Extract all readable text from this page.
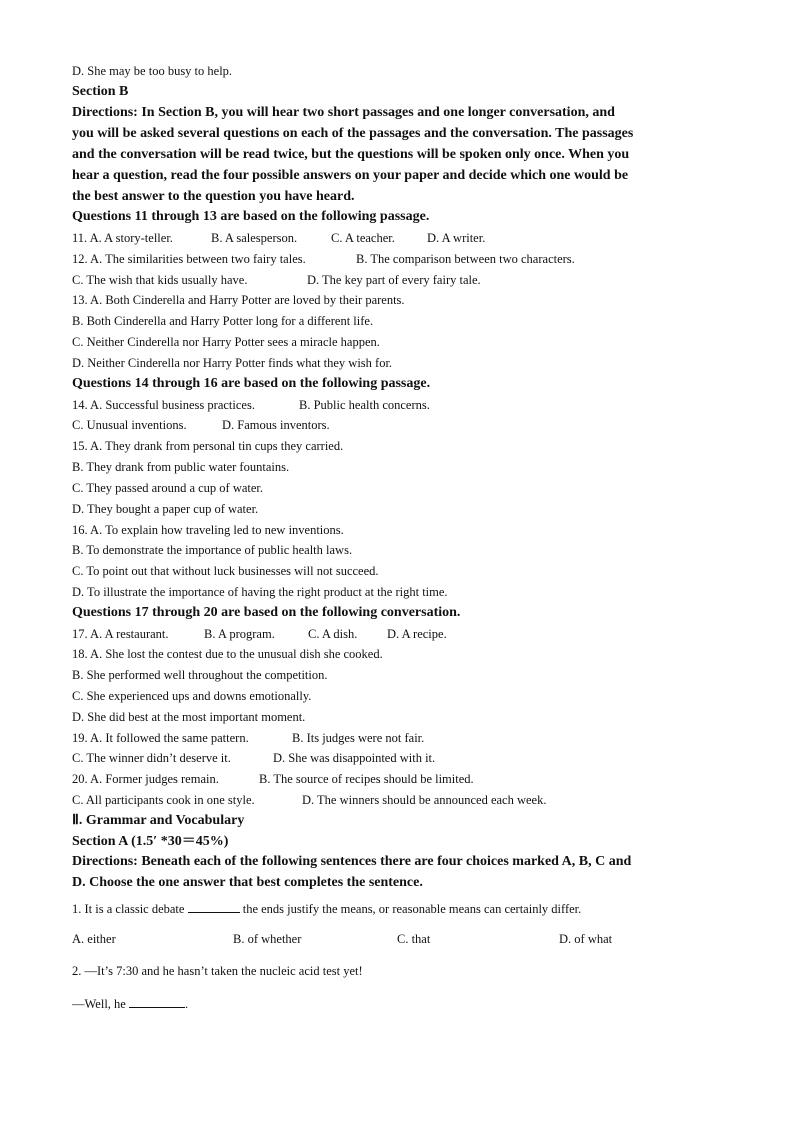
D. She may be too busy to help.
Section B
Directions: In Section B, you will hear two short passages and one longer conversation, and
you will be asked several questions on each of the passages and the conversation. The passages
and the conversation will be read twice, but the questions will be spoken only once. When you
hear a question, read the four possible answers on your paper and decide which one would be
the best answer to the question you have heard.
Questions 11 through 13 are based on the following passage.
11. A. A story-teller.	B. A salesperson.	C. A teacher.	D. A writer.
12. A. The similarities between two fairy tales.	B. The comparison between two characters.
C. The wish that kids usually have.	D. The key part of every fairy tale.
13. A. Both Cinderella and Harry Potter are loved by their parents.
B. Both Cinderella and Harry Potter long for a different life.
C. Neither Cinderella nor Harry Potter sees a miracle happen.
D. Neither Cinderella nor Harry Potter finds what they wish for.
Questions 14 through 16 are based on the following passage.
14. A. Successful business practices.	B. Public health concerns.
C. Unusual inventions.	D. Famous inventors.
15. A. They drank from personal tin cups they carried.
B. They drank from public water fountains.
C. They passed around a cup of water.
D. They bought a paper cup of water.
16. A. To explain how traveling led to new inventions.
B. To demonstrate the importance of public health laws.
C. To point out that without luck businesses will not succeed.
D. To illustrate the importance of having the right product at the right time.
Questions 17 through 20 are based on the following conversation.
17. A. A restaurant.	B. A program.	C. A dish. D. A recipe.
18. A. She lost the contest due to the unusual dish she cooked.
B. She performed well throughout the competition.
C. She experienced ups and downs emotionally.
D. She did best at the most important moment.
19. A. It followed the same pattern.	B. Its judges were not fair.
C. The winner didn’t deserve it.	D. She was disappointed with it.
20. A. Former judges remain.	B. The source of recipes should be limited.
C. All participants cook in one style.	D. The winners should be announced each week.
Ⅱ. Grammar and Vocabulary
Section A (1.5′ *30＝45%)
Directions: Beneath each of the following sentences there are four choices marked A, B, C and
D. Choose the one answer that best completes the sentence.
1. It is a classic debate	the ends justify the means, or reasonable means can certainly differ.
A. either	B. of whether	C. that	D. of what
2. —It’s 7:30 and he hasn’t taken the nucleic acid test yet!
—Well, he	.
